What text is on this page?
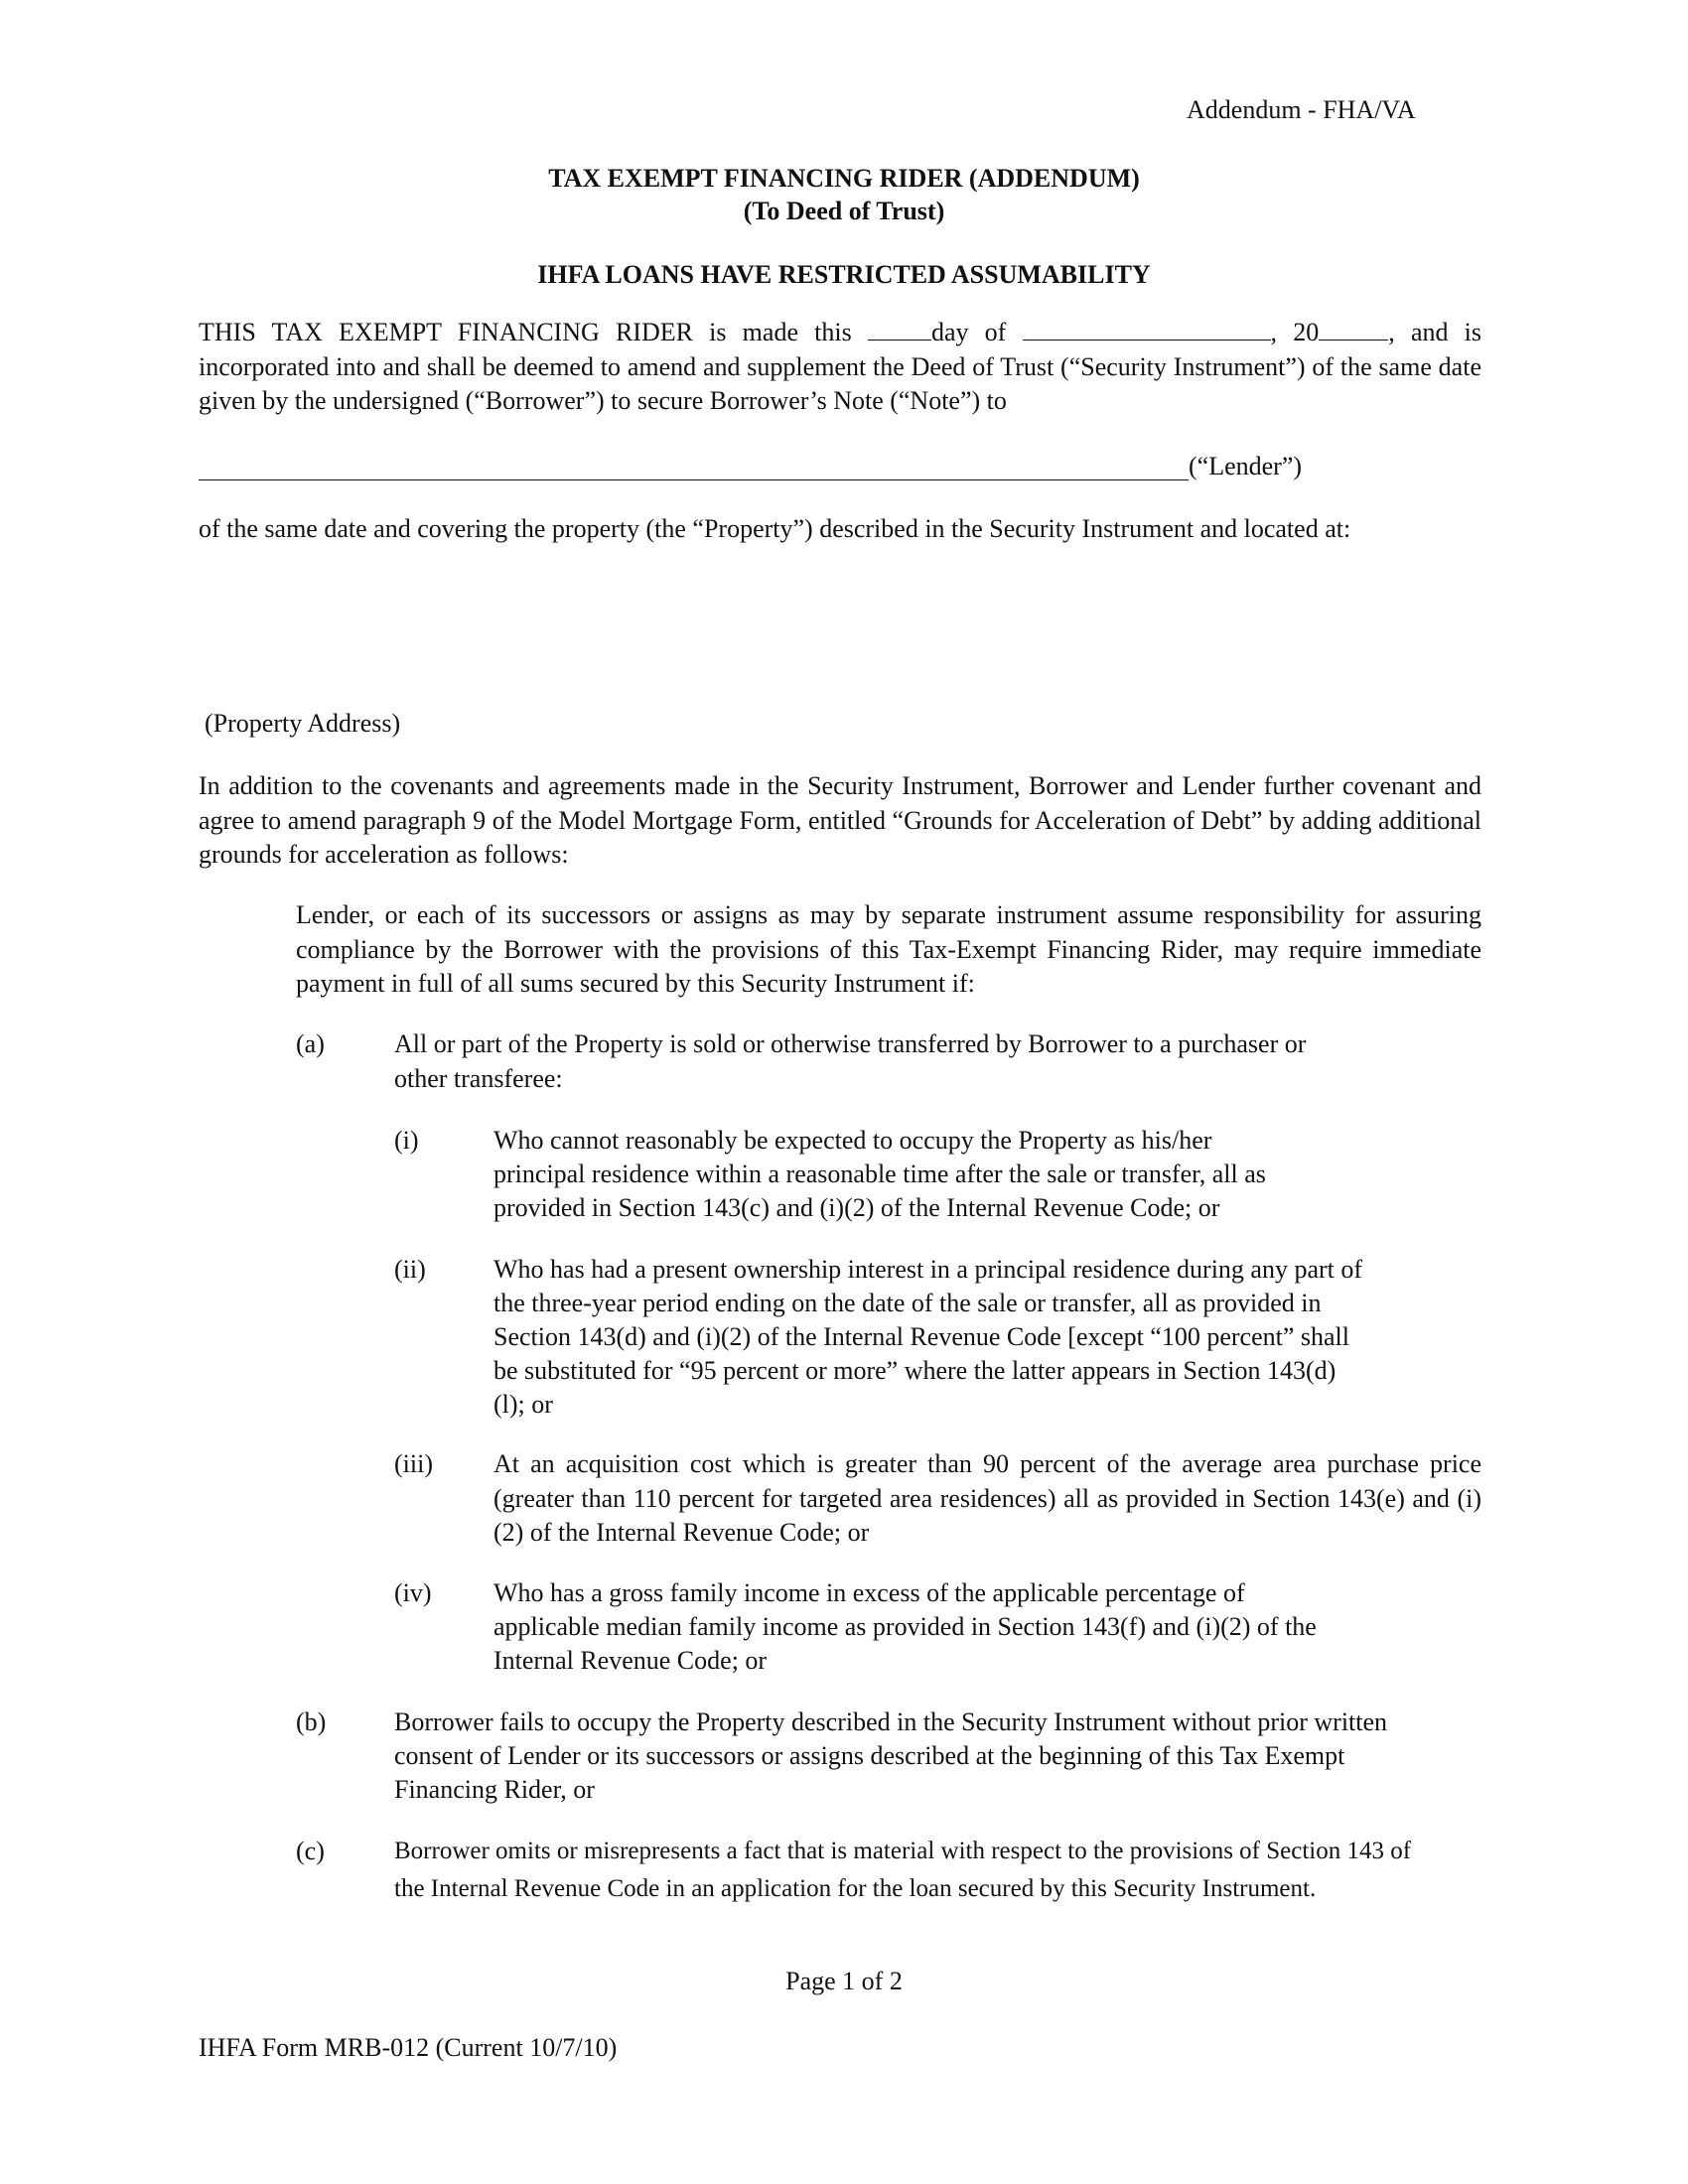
Addendum - FHA/VA
TAX EXEMPT FINANCING RIDER (ADDENDUM)
(To Deed of Trust)
IHFA LOANS HAVE RESTRICTED ASSUMABILITY
THIS TAX EXEMPT FINANCING RIDER is made this day of	, 20	, and is incorporated into and shall be deemed to amend and supplement the Deed of Trust (“Security Instrument”) of the same date given by the undersigned (“Borrower”) to secure Borrower’s Note (“Note”) to
(“Lender”)
of the same date and covering the property (the “Property”) described in the Security Instrument and located at:
(Property Address)
In addition to the covenants and agreements made in the Security Instrument, Borrower and Lender further covenant and agree to amend paragraph 9 of the Model Mortgage Form, entitled “Grounds for Acceleration of Debt” by adding additional grounds for acceleration as follows:
Lender, or each of its successors or assigns as may by separate instrument assume responsibility for assuring compliance by the Borrower with the provisions of this Tax-Exempt Financing Rider, may require immediate payment in full of all sums secured by this Security Instrument if:
(a)	All or part of the Property is sold or otherwise transferred by Borrower to a purchaser or
other transferee:
(i)	Who cannot reasonably be expected to occupy the Property as his/her
principal residence within a reasonable time after the sale or transfer, all as
provided in Section 143(c) and (i)(2) of the Internal Revenue Code; or
(ii)	Who has had a present ownership interest in a principal residence during any part of
the three-year period ending on the date of the sale or transfer, all as provided in
Section 143(d) and (i)(2) of the Internal Revenue Code [except “100 percent” shall
be substituted for “95 percent or more” where the latter appears in Section 143(d)
(l); or
(iii) At an acquisition cost which is greater than 90 percent of the average area purchase price (greater than 110 percent for targeted area residences) all as provided in Section 143(e) and (i)(2) of the Internal Revenue Code; or
(iv) Who has a gross family income in excess of the applicable percentage of
applicable median family income as provided in Section 143(f) and (i)(2) of the
Internal Revenue Code; or
(b)	Borrower fails to occupy the Property described in the Security Instrument without prior written
consent of Lender or its successors or assigns described at the beginning of this Tax Exempt
Financing Rider, or
(c)	Borrower omits or misrepresents a fact that is material with respect to the provisions of Section 143 of
the Internal Revenue Code in an application for the loan secured by this Security Instrument.
Page 1 of 2
IHFA Form MRB-012 (Current 10/7/10)
